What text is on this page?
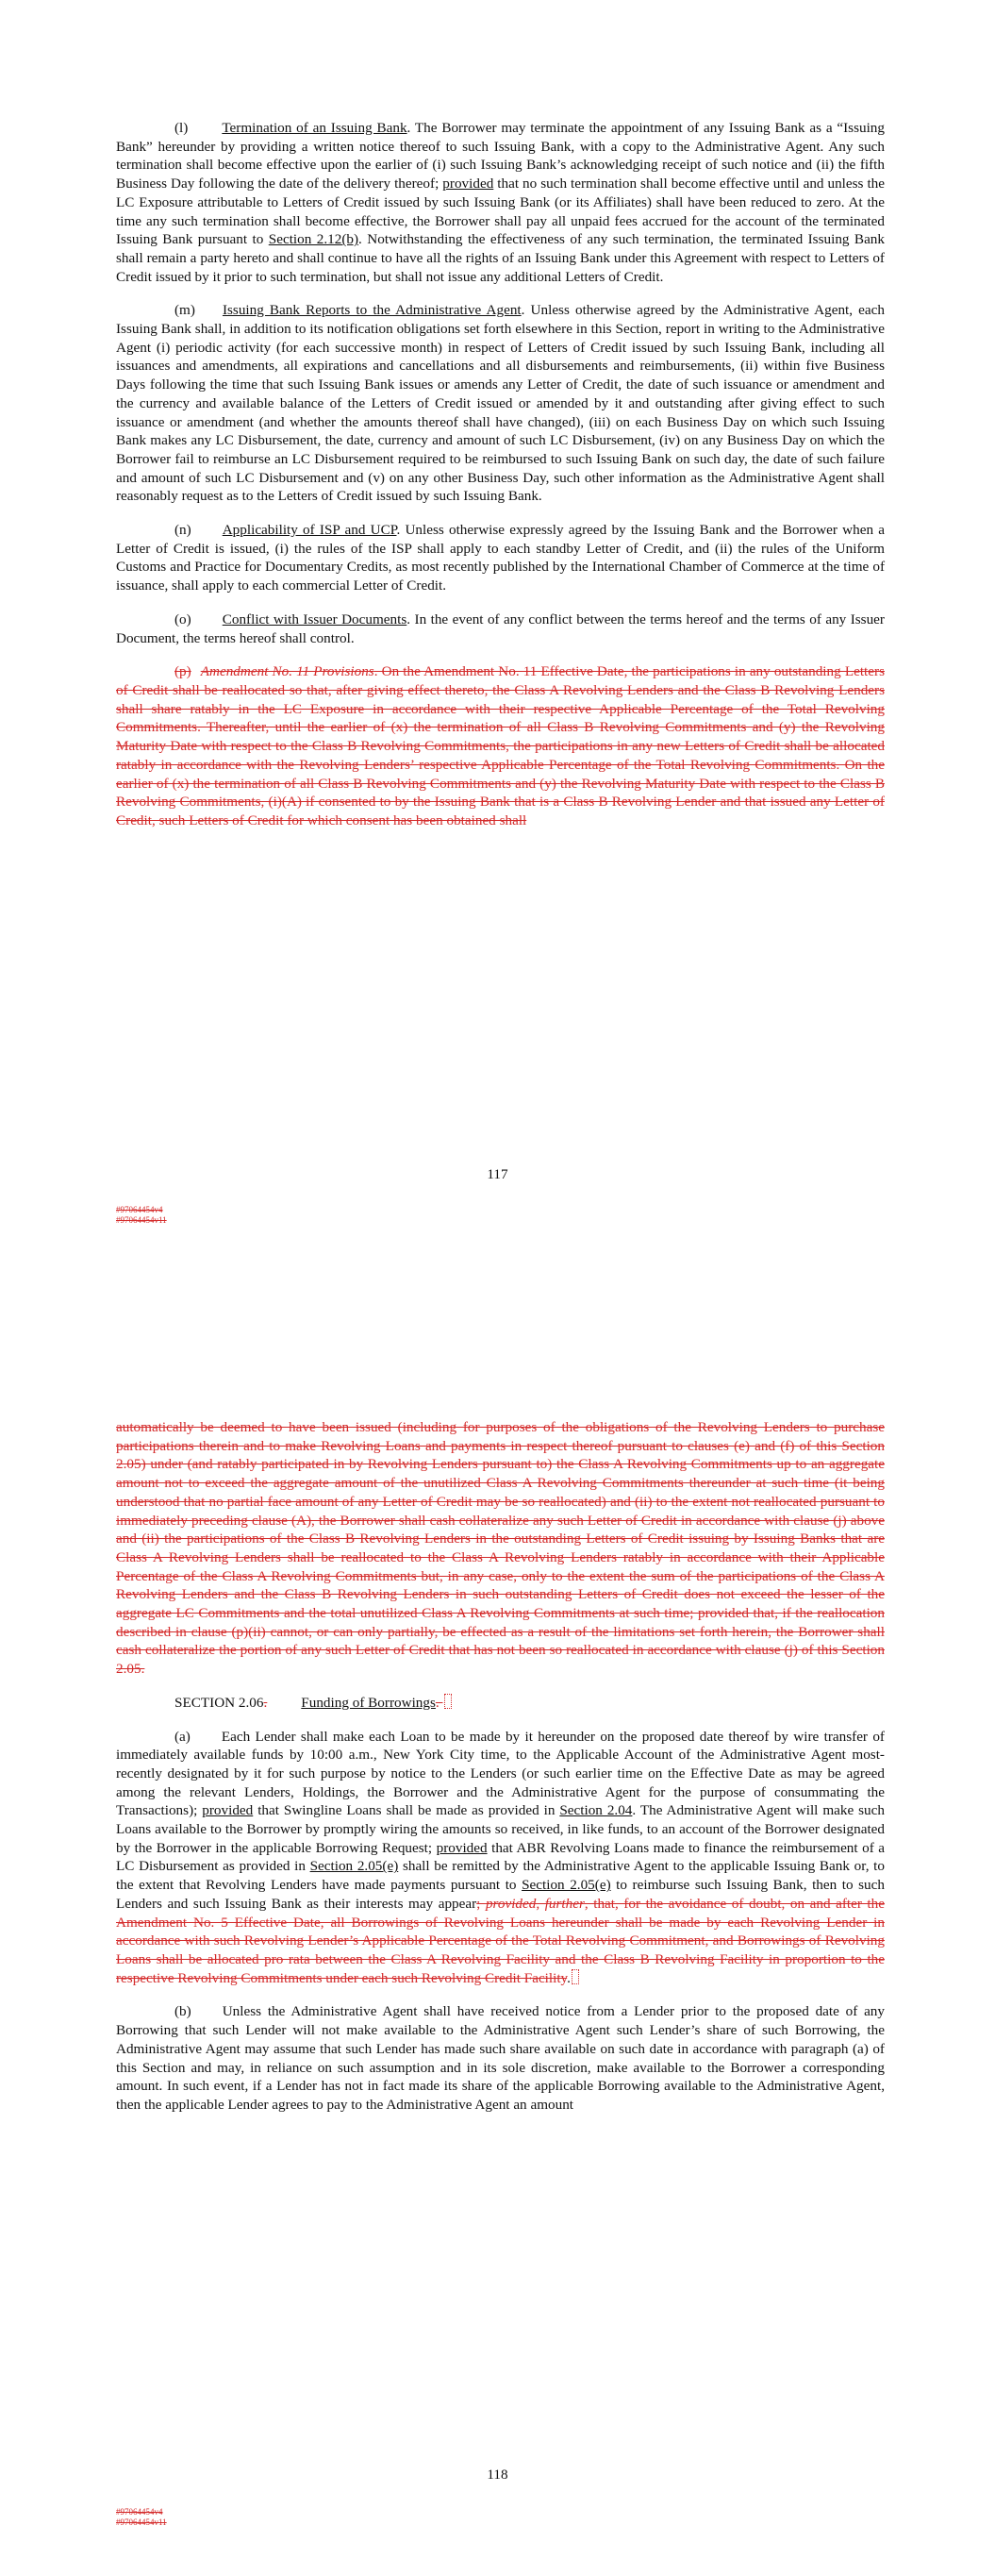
(l) Termination of an Issuing Bank. The Borrower may terminate the appointment of any Issuing Bank as a “Issuing Bank” hereunder by providing a written notice thereof to such Issuing Bank, with a copy to the Administrative Agent. Any such termination shall become effective upon the earlier of (i) such Issuing Bank’s acknowledging receipt of such notice and (ii) the fifth Business Day following the date of the delivery thereof; provided that no such termination shall become effective until and unless the LC Exposure attributable to Letters of Credit issued by such Issuing Bank (or its Affiliates) shall have been reduced to zero. At the time any such termination shall become effective, the Borrower shall pay all unpaid fees accrued for the account of the terminated Issuing Bank pursuant to Section 2.12(b). Notwithstanding the effectiveness of any such termination, the terminated Issuing Bank shall remain a party hereto and shall continue to have all the rights of an Issuing Bank under this Agreement with respect to Letters of Credit issued by it prior to such termination, but shall not issue any additional Letters of Credit.

(m) Issuing Bank Reports to the Administrative Agent. Unless otherwise agreed by the Administrative Agent, each Issuing Bank shall, in addition to its notification obligations set forth elsewhere in this Section, report in writing to the Administrative Agent (i) periodic activity (for each successive month) in respect of Letters of Credit issued by such Issuing Bank, including all issuances and amendments, all expirations and cancellations and all disbursements and reimbursements, (ii) within five Business Days following the time that such Issuing Bank issues or amends any Letter of Credit, the date of such issuance or amendment and the currency and available balance of the Letters of Credit issued or amended by it and outstanding after giving effect to such issuance or amendment (and whether the amounts thereof shall have changed), (iii) on each Business Day on which such Issuing Bank makes any LC Disbursement, the date, currency and amount of such LC Disbursement, (iv) on any Business Day on which the Borrower fail to reimburse an LC Disbursement required to be reimbursed to such Issuing Bank on such day, the date of such failure and amount of such LC Disbursement and (v) on any other Business Day, such other information as the Administrative Agent shall reasonably request as to the Letters of Credit issued by such Issuing Bank.

(n) Applicability of ISP and UCP. Unless otherwise expressly agreed by the Issuing Bank and the Borrower when a Letter of Credit is issued, (i) the rules of the ISP shall apply to each standby Letter of Credit, and (ii) the rules of the Uniform Customs and Practice for Documentary Credits, as most recently published by the International Chamber of Commerce at the time of issuance, shall apply to each commercial Letter of Credit.

(o) Conflict with Issuer Documents. In the event of any conflict between the terms hereof and the terms of any Issuer Document, the terms hereof shall control.

(p) Amendment No. 11 Provisions. On the Amendment No. 11 Effective Date, the participations in any outstanding Letters of Credit shall be reallocated so that, after giving effect thereto, the Class A Revolving Lenders and the Class B Revolving Lenders shall share ratably in the LC Exposure in accordance with their respective Applicable Percentage of the Total Revolving Commitments. Thereafter, until the earlier of (x) the termination of all Class B Revolving Commitments and (y) the Revolving Maturity Date with respect to the Class B Revolving Commitments, the participations in any new Letters of Credit shall be allocated ratably in accordance with the Revolving Lenders’ respective Applicable Percentage of the Total Revolving Commitments. On the earlier of (x) the termination of all Class B Revolving Commitments and (y) the Revolving Maturity Date with respect to the Class B Revolving Commitments, (i)(A) if consented to by the Issuing Bank that is a Class B Revolving Lender and that issued any Letter of Credit, such Letters of Credit for which consent has been obtained shall

117
#97064454v4
#97064454v11

automatically be deemed to have been issued (including for purposes of the obligations of the Revolving Lenders to purchase participations therein and to make Revolving Loans and payments in respect thereof pursuant to clauses (e) and (f) of this Section 2.05) under (and ratably participated in by Revolving Lenders pursuant to) the Class A Revolving Commitments up to an aggregate amount not to exceed the aggregate amount of the unutilized Class A Revolving Commitments thereunder at such time (it being understood that no partial face amount of any Letter of Credit may be so reallocated) and (ii) to the extent not reallocated pursuant to immediately preceding clause (A), the Borrower shall cash collateralize any such Letter of Credit in accordance with clause (j) above and (ii) the participations of the Class B Revolving Lenders in the outstanding Letters of Credit issuing by Issuing Banks that are Class A Revolving Lenders shall be reallocated to the Class A Revolving Lenders ratably in accordance with their Applicable Percentage of the Class A Revolving Commitments but, in any case, only to the extent the sum of the participations of the Class A Revolving Lenders and the Class B Revolving Lenders in such outstanding Letters of Credit does not exceed the lesser of the aggregate LC Commitments and the total unutilized Class A Revolving Commitments at such time; provided that, if the reallocation described in clause (p)(ii) cannot, or can only partially, be effected as a result of the limitations set forth herein, the Borrower shall cash collateralize the portion of any such Letter of Credit that has not been so reallocated in accordance with clause (j) of this Section 2.05.

SECTION 2.06. Funding of Borrowings.

(a) Each Lender shall make each Loan to be made by it hereunder on the proposed date thereof by wire transfer of immediately available funds by 10:00 a.m., New York City time, to the Applicable Account of the Administrative Agent most-recently designated by it for such purpose by notice to the Lenders (or such earlier time on the Effective Date as may be agreed among the relevant Lenders, Holdings, the Borrower and the Administrative Agent for the purpose of consummating the Transactions); provided that Swingline Loans shall be made as provided in Section 2.04. The Administrative Agent will make such Loans available to the Borrower by promptly wiring the amounts so received, in like funds, to an account of the Borrower designated by the Borrower in the applicable Borrowing Request; provided that ABR Revolving Loans made to finance the reimbursement of a LC Disbursement as provided in Section 2.05(e) shall be remitted by the Administrative Agent to the applicable Issuing Bank or, to the extent that Revolving Lenders have made payments pursuant to Section 2.05(e) to reimburse such Issuing Bank, then to such Lenders and such Issuing Bank as their interests may appear; provided, further, that, for the avoidance of doubt, on and after the Amendment No. 5 Effective Date, all Borrowings of Revolving Loans hereunder shall be made by each Revolving Lender in accordance with such Revolving Lender’s Applicable Percentage of the Total Revolving Commitment, and Borrowings of Revolving Loans shall be allocated pro rata between the Class A Revolving Facility and the Class B Revolving Facility in proportion to the respective Revolving Commitments under each such Revolving Credit Facility.

(b) Unless the Administrative Agent shall have received notice from a Lender prior to the proposed date of any Borrowing that such Lender will not make available to the Administrative Agent such Lender’s share of such Borrowing, the Administrative Agent may assume that such Lender has made such share available on such date in accordance with paragraph (a) of this Section and may, in reliance on such assumption and in its sole discretion, make available to the Borrower a corresponding amount. In such event, if a Lender has not in fact made its share of the applicable Borrowing available to the Administrative Agent, then the applicable Lender agrees to pay to the Administrative Agent an amount

118
#97064454v4
#97064454v11
